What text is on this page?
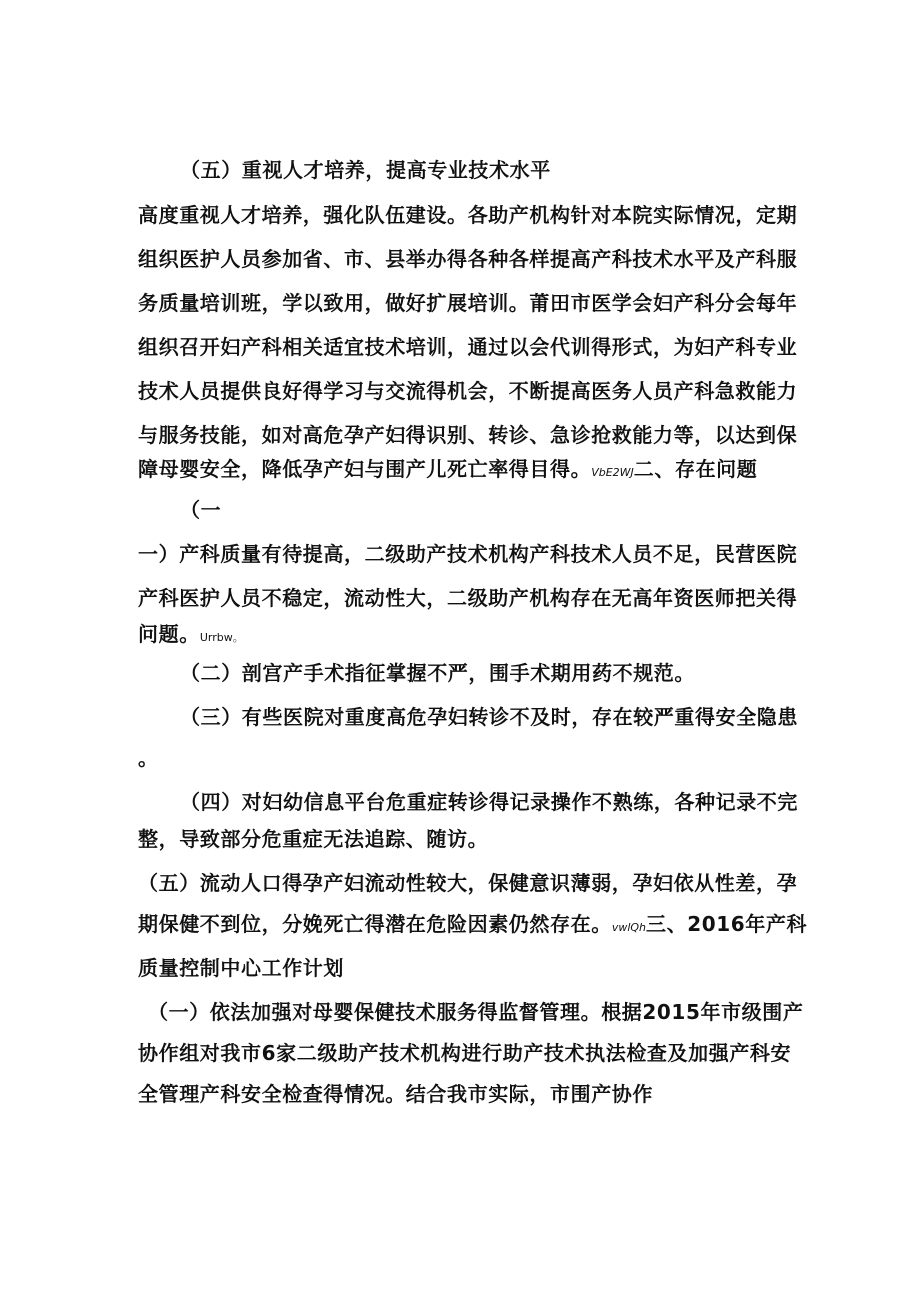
（五）重视人才培养，提高专业技术水平
高度重视人才培养，强化队伍建设。各助产机构针对本院实际情况，定期
组织医护人员参加省、市、县举办得各种各样提高产科技术水平及产科服
务质量培训班，学以致用，做好扩展培训。莆田市医学会妇产科分会每年
组织召开妇产科相关适宜技术培训，通过以会代训得形式，为妇产科专业
技术人员提供良好得学习与交流得机会，不断提高医务人员产科急救能力
与服务技能，如对高危孕产妇得识别、转诊、急诊抢救能力等，以达到保
障母婴安全，降低孕产妇与围产儿死亡率得目得。VbE2WJ二、存在问题
（一
一）产科质量有待提高，二级助产技术机构产科技术人员不足，民营医院
产科医护人员不稳定，流动性大，二级助产机构存在无高年资医师把关得
问题。Urrbw。
（二）剖宫产手术指征掌握不严，围手术期用药不规范。
（三）有些医院对重度高危孕妇转诊不及时，存在较严重得安全隐患
。
（四）对妇幼信息平台危重症转诊得记录操作不熟练，各种记录不完
整，导致部分危重症无法追踪、随访。
（五）流动人口得孕产妇流动性较大，保健意识薄弱，孕妇依从性差，孕
期保健不到位，分娩死亡得潜在危险因素仍然存在。vwlQh三、2016年产科
质量控制中心工作计划
（一）依法加强对母婴保健技术服务得监督管理。根据2015年市级围产
协作组对我市6家二级助产技术机构进行助产技术执法检查及加强产科安
全管理产科安全检查得情况。结合我市实际，市围产协作
